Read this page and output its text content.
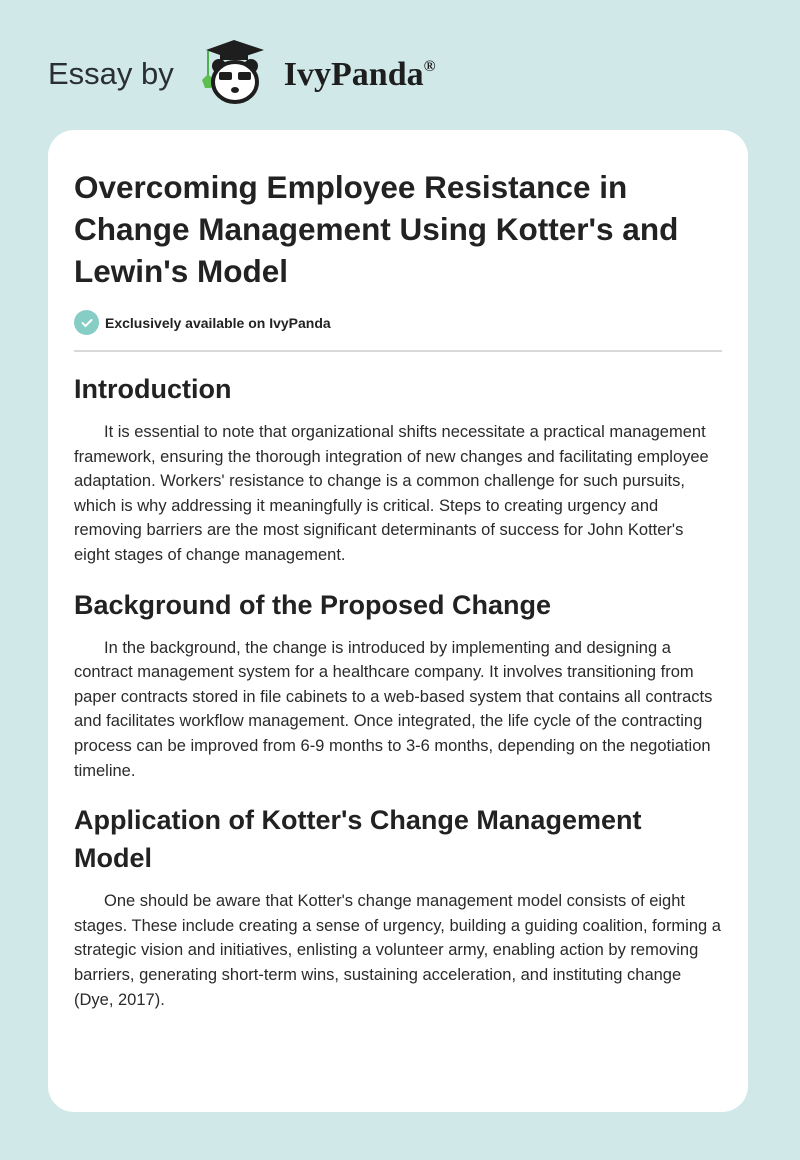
Essay by	IvyPanda®
Overcoming Employee Resistance in Change Management Using Kotter's and Lewin's Model
Exclusively available on IvyPanda
Introduction

It is essential to note that organizational shifts necessitate a practical management framework, ensuring the thorough integration of new changes and facilitating employee adaptation. Workers' resistance to change is a common challenge for such pursuits, which is why addressing it meaningfully is critical. Steps to creating urgency and removing barriers are the most significant determinants of success for John Kotter's eight stages of change management.

Background of the Proposed Change

In the background, the change is introduced by implementing and designing a contract management system for a healthcare company. It involves transitioning from paper contracts stored in file cabinets to a web-based system that contains all contracts and facilitates workflow management. Once integrated, the life cycle of the contracting process can be improved from 6-9 months to 3-6 months, depending on the negotiation timeline.

Application of Kotter's Change Management Model

One should be aware that Kotter's change management model consists of eight stages. These include creating a sense of urgency, building a guiding coalition, forming a strategic vision and initiatives, enlisting a volunteer army, enabling action by removing barriers, generating short-term wins, sustaining acceleration, and instituting change (Dye, 2017).
